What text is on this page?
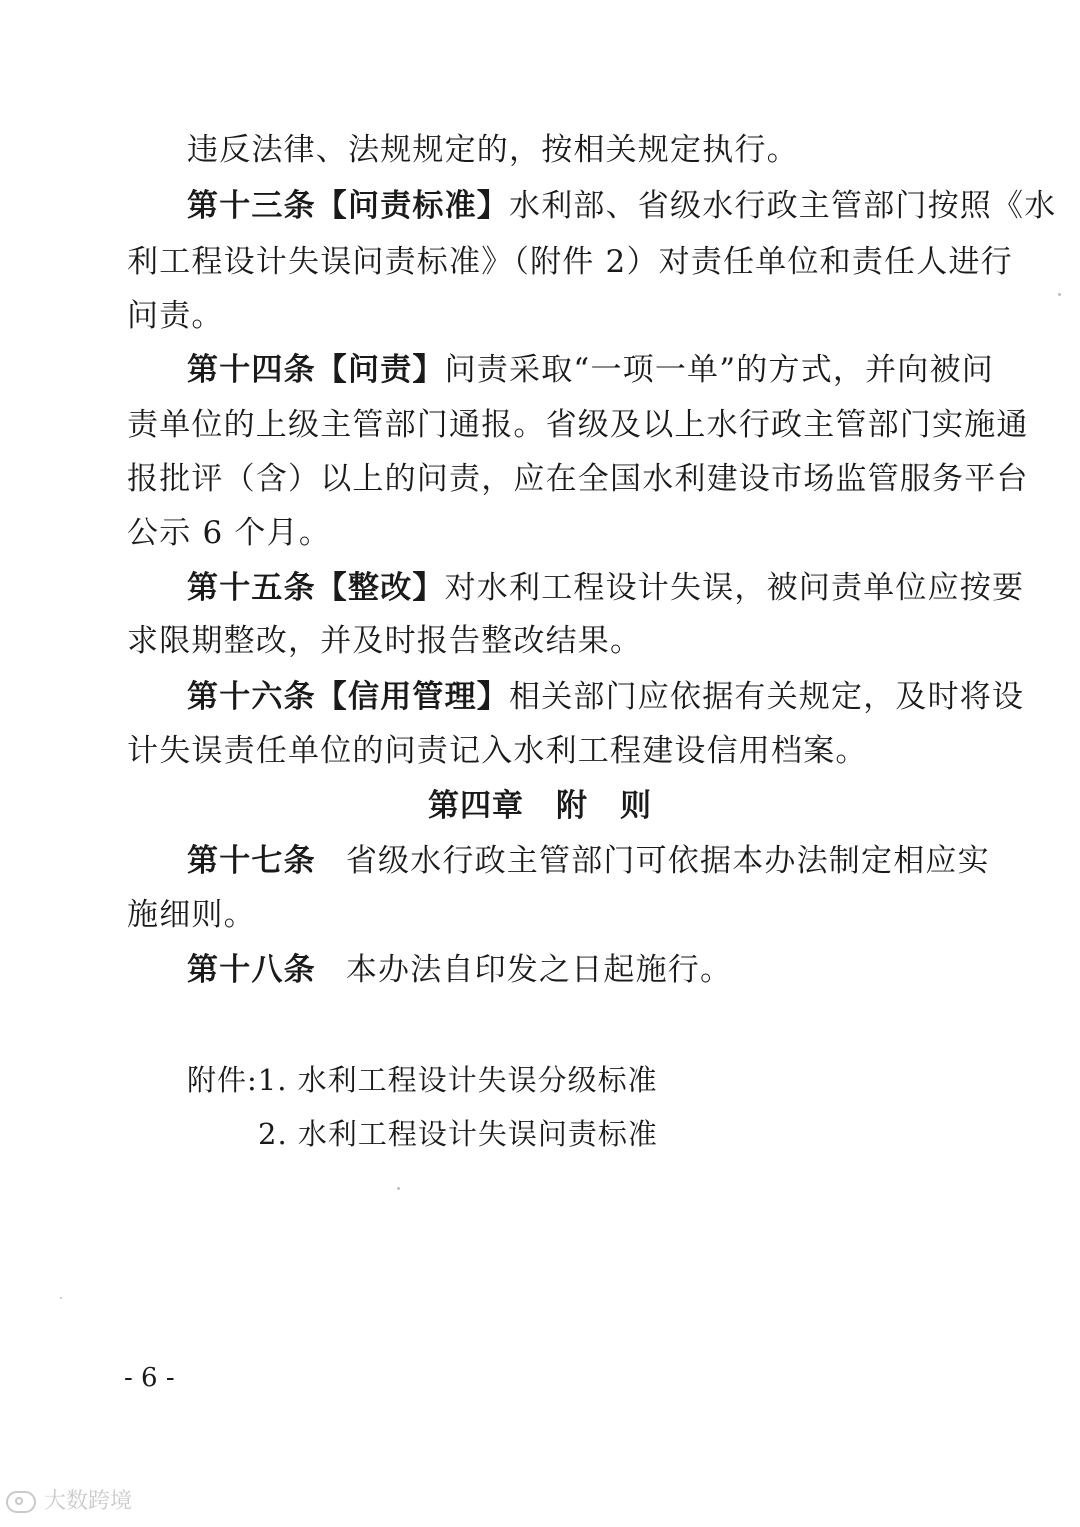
违反法律、法规规定的，按相关规定执行。
第十三条【问责标准】水利部、省级水行政主管部门按照《水
利工程设计失误问责标准》（附件 2）对责任单位和责任人进行
问责。
第十四条【问责】问责采取“一项一单”的方式，并向被问
责单位的上级主管部门通报。省级及以上水行政主管部门实施通
报批评（含）以上的问责，应在全国水利建设市场监管服务平台
公示 6 个月。
第十五条【整改】对水利工程设计失误，被问责单位应按要
求限期整改，并及时报告整改结果。
第十六条【信用管理】相关部门应依据有关规定，及时将设
计失误责任单位的问责记入水利工程建设信用档案。
第四章　附　则
第十七条 省级水行政主管部门可依据本办法制定相应实
施细则。
第十八条 本办法自印发之日起施行。
附件:1. 水利工程设计失误分级标准
2. 水利工程设计失误问责标准
- 6 -
大数跨境
